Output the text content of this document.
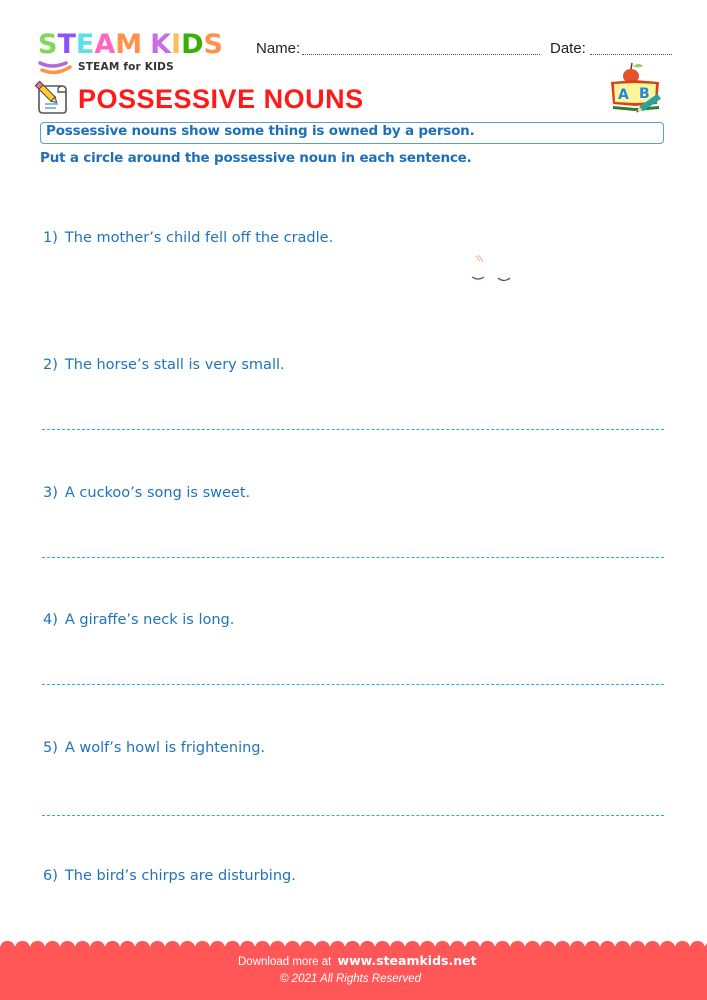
STEAM KIDS
STEAM for KIDS
Name:	Date:
POSSESSIVE NOUNS	A B
Possessive nouns show some thing is owned by a person.
Put a circle around the possessive noun in each sentence.
1) The mother’s child fell off the cradle.
2) The horse’s stall is very small.
3) A cuckoo’s song is sweet.
4) A giraffe’s neck is long.
5) A wolf’s howl is frightening.
6) The bird’s chirps are disturbing.
Download more at www.steamkids.net
© 2021 All Rights Reserved
